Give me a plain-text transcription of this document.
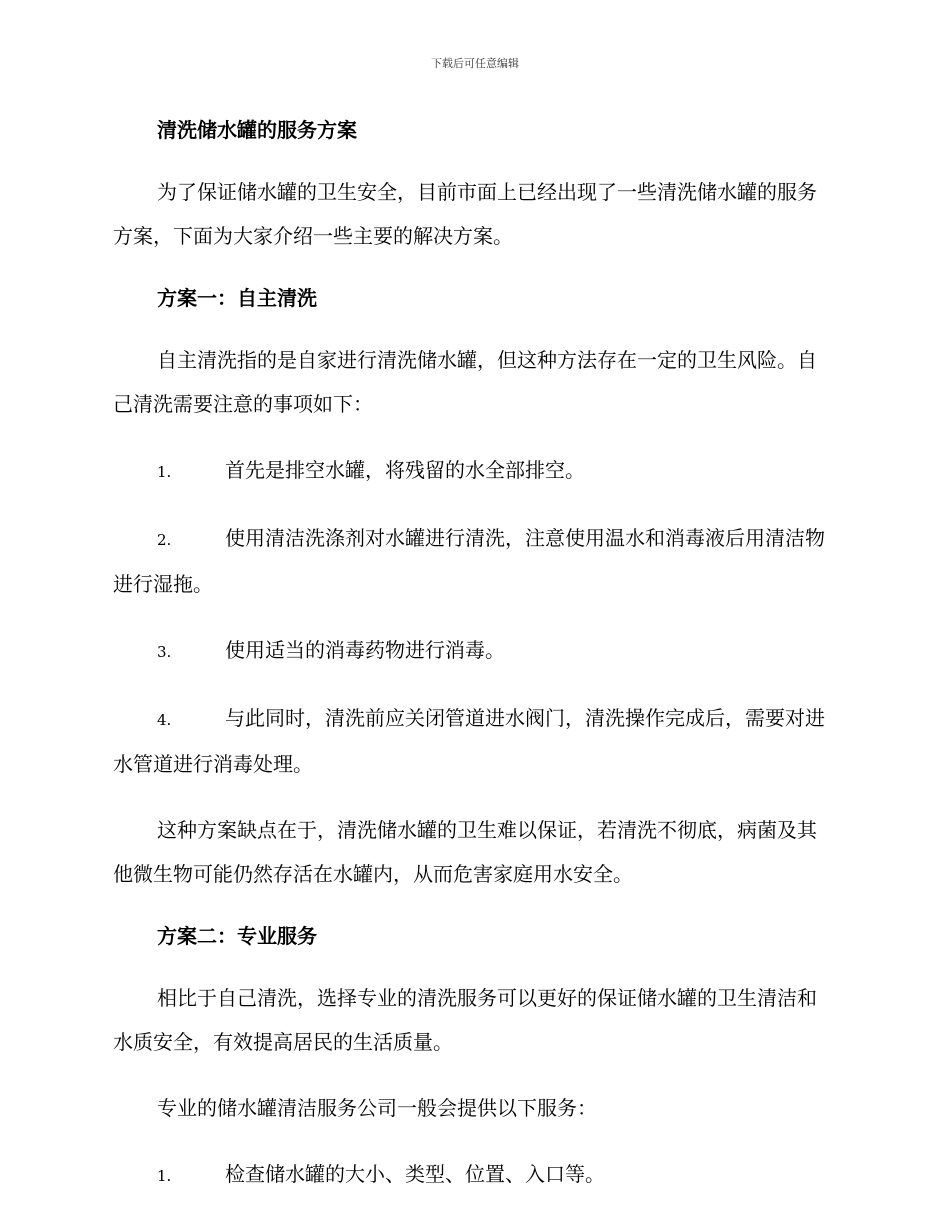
下载后可任意编辑
清洗储水罐的服务方案
为了保证储水罐的卫生安全，目前市面上已经出现了一些清洗储水罐的服务方案，下面为大家介绍一些主要的解决方案。
方案一：自主清洗
自主清洗指的是自家进行清洗储水罐，但这种方法存在一定的卫生风险。自己清洗需要注意的事项如下：
1.	首先是排空水罐，将残留的水全部排空。
2.	使用清洁洗涤剂对水罐进行清洗，注意使用温水和消毒液后用清洁物进行湿拖。
3.	使用适当的消毒药物进行消毒。
4.	与此同时，清洗前应关闭管道进水阀门，清洗操作完成后，需要对进水管道进行消毒处理。
这种方案缺点在于，清洗储水罐的卫生难以保证，若清洗不彻底，病菌及其他微生物可能仍然存活在水罐内，从而危害家庭用水安全。
方案二：专业服务
相比于自己清洗，选择专业的清洗服务可以更好的保证储水罐的卫生清洁和水质安全，有效提高居民的生活质量。
专业的储水罐清洁服务公司一般会提供以下服务：
1.	检查储水罐的大小、类型、位置、入口等。
